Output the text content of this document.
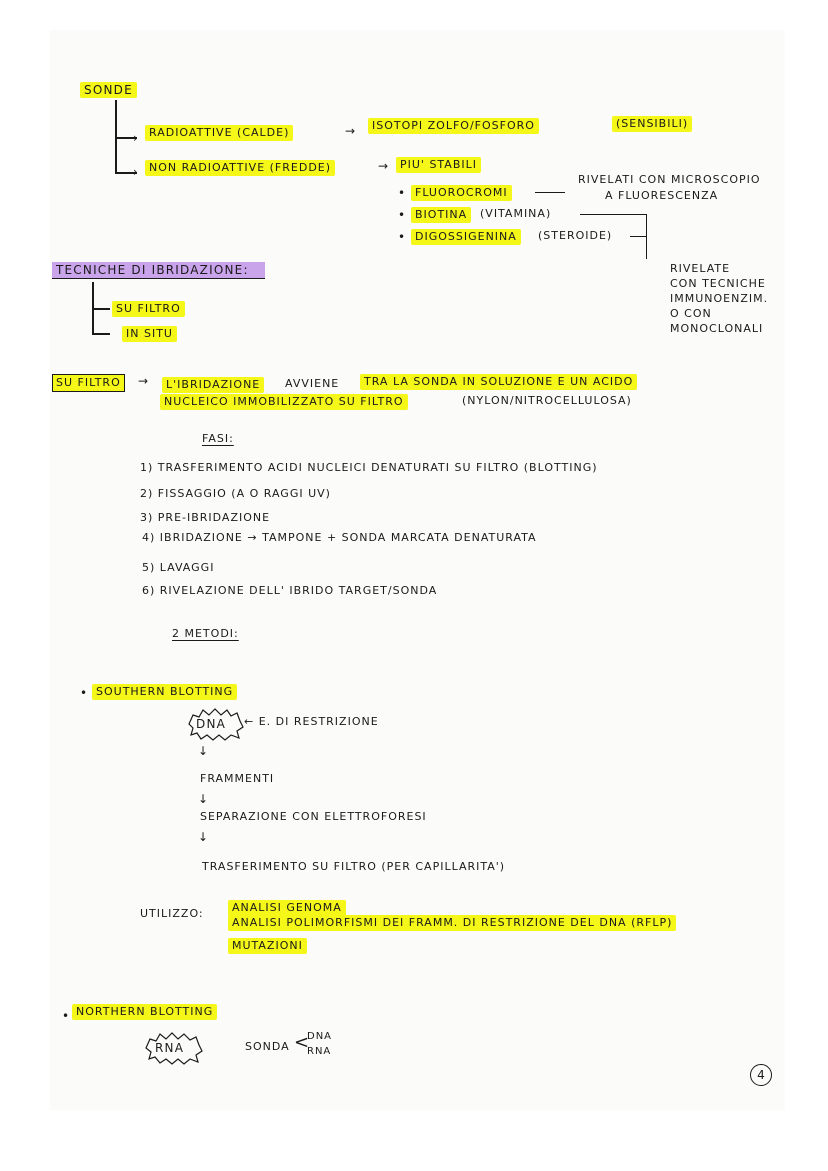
SONDE
›
›
RADIOATTIVE (CALDE)	→	ISOTOPI ZOLFO/FOSFORO	(SENSIBILI)
NON RADIOATTIVE (FREDDE)	→ PIU' STABILI
• FLUOROCROMI
RIVELATI CON MICROSCOPIO
A FLUORESCENZA
• BIOTINA	(VITAMINA)
• DIGOSSIGENINA	(STEROIDE)
RIVELATE
CON TECNICHE
IMMUNOENZIM.
O CON
MONOCLONALI
TECNICHE DI IBRIDAZIONE:
SU FILTRO
IN SITU
SU FILTRO	→	L'IBRIDAZIONE	AVVIENE	TRA LA SONDA IN SOLUZIONE E UN ACIDO
NUCLEICO IMMOBILIZZATO SU FILTRO	(NYLON/NITROCELLULOSA)
FASI:
1) TRASFERIMENTO ACIDI NUCLEICI DENATURATI SU FILTRO (BLOTTING)
2) FISSAGGIO (A O RAGGI UV)
3) PRE-IBRIDAZIONE
4) IBRIDAZIONE → TAMPONE + SONDA MARCATA DENATURATA
5) LAVAGGI
6) RIVELAZIONE DELL' IBRIDO TARGET/SONDA
2 METODI:
• SOUTHERN BLOTTING
DNA ← E. DI RESTRIZIONE
↓
FRAMMENTI
↓
SEPARAZIONE CON ELETTROFORESI
↓
TRASFERIMENTO SU FILTRO (PER CAPILLARITA')
UTILIZZO:	ANALISI GENOMA
ANALISI POLIMORFISMI DEI FRAMM. DI RESTRIZIONE DEL DNA (RFLP)
MUTAZIONI
• NORTHERN BLOTTING
RNA	SONDA <
DNA
RNA
4
